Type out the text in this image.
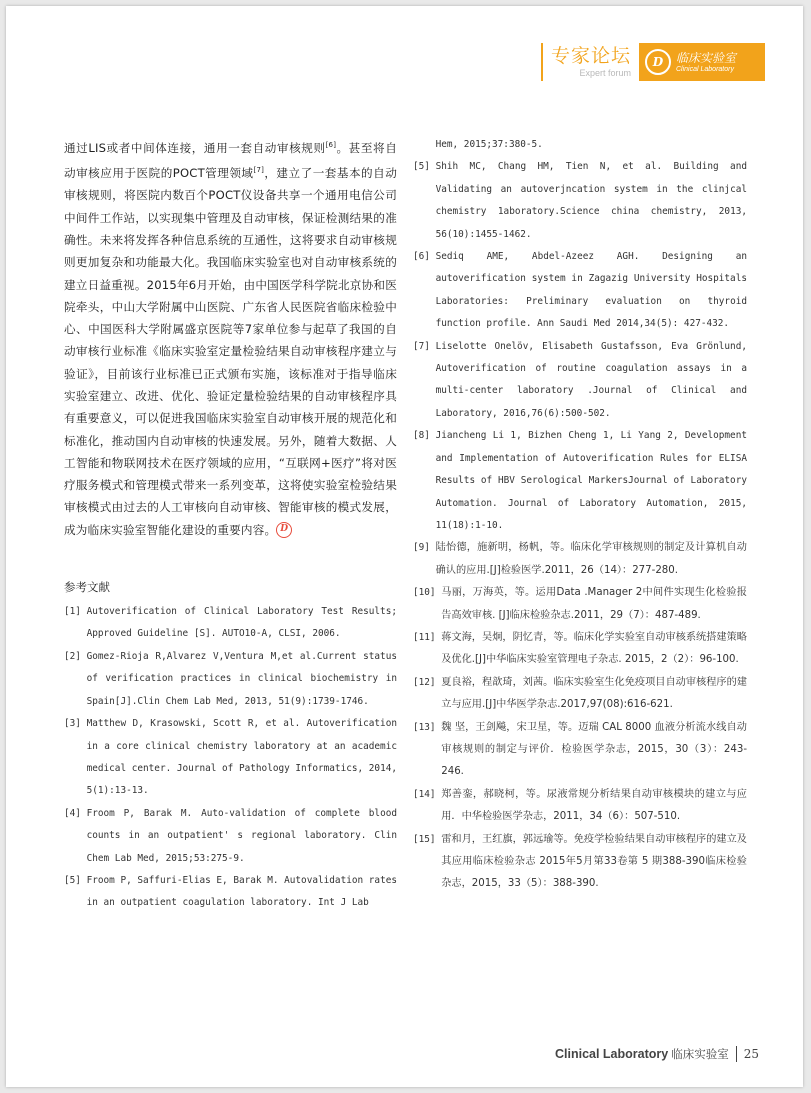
专家论坛
Expert forum
D	临床实验室
Clinical Laboratory

通过LIS或者中间体连接，通用一套自动审核规则[6]。甚至将自动审核应用于医院的POCT管理领域[7]，建立了一套基本的自动审核规则，将医院内数百个POCT仪设备共享一个通用电信公司中间件工作站，以实现集中管理及自动审核，保证检测结果的准确性。未来将发挥各种信息系统的互通性，这将要求自动审核规则更加复杂和功能最大化。我国临床实验室也对自动审核系统的建立日益重视。2015年6月开始，由中国医学科学院北京协和医院牵头，中山大学附属中山医院、广东省人民医院省临床检验中心、中国医科大学附属盛京医院等7家单位参与起草了我国的自动审核行业标准《临床实验室定量检验结果自动审核程序建立与验证》，目前该行业标准已正式颁布实施，该标准对于指导临床实验室建立、改进、优化、验证定量检验结果的自动审核程序具有重要意义，可以促进我国临床实验室自动审核开展的规范化和标准化，推动国内自动审核的快速发展。另外，随着大数据、人工智能和物联网技术在医疗领域的应用，“互联网+医疗”将对医疗服务模式和管理模式带来一系列变革，这将使实验室检验结果审核模式由过去的人工审核向自动审核、智能审核的模式发展，成为临床实验室智能化建设的重要内容。 D

参考文献
[1] Autoverification of Clinical Laboratory Test Results; Approved Guideline [S]. AUTO10-A, CLSI, 2006.
[2] Gomez-Rioja R,Alvarez V,Ventura M,et al.Current status of verification practices in clinical biochemistry in Spain[J].Clin Chem Lab Med, 2013, 51(9):1739-1746.
[3] Matthew D, Krasowski, Scott R, et al. Autoverification in a core clinical chemistry laboratory at an academic medical center. Journal of Pathology Informatics, 2014, 5(1):13-13.
[4] Froom P, Barak M. Auto-validation of complete blood counts in an outpatient' s regional laboratory. Clin Chem Lab Med, 2015;53:275-9.
[5] Froom P, Saffuri-Elias E, Barak M. Autovalidation rates in an outpatient coagulation laboratory. Int J Lab

Hem, 2015;37:380-5.
[5] Shih MC, Chang HM, Tien N, et al. Building and Validating an autoverjncation system in the clinjcal chemistry 1aboratory.Science china chemistry, 2013, 56(10):1455-1462.
[6] Sediq AME, Abdel-Azeez AGH. Designing an autoverification system in Zagazig University Hospitals Laboratories: Preliminary evaluation on thyroid function profile. Ann Saudi Med 2014,34(5): 427-432.
[7] Liselotte Onelöv, Elisabeth Gustafsson, Eva Grönlund, Autoverification of routine coagulation assays in a multi-center laboratory .Journal of Clinical and Laboratory, 2016,76(6):500-502.
[8] Jiancheng Li 1, Bizhen Cheng 1, Li Yang 2, Development and Implementation of Autoverification Rules for ELISA Results of HBV Serological MarkersJournal of Laboratory Automation. Journal of Laboratory Automation, 2015, 11(18):1-10.
[9] 陆怡德，施新明，杨帆，等。临床化学审核规则的制定及计算机自动确认的应用.[J]检验医学.2011，26（14）：277-280.
[10] 马丽，万海英，等。运用Data .Manager 2中间件实现生化检验报告高效审核. [J]临床检验杂志.2011，29（7）：487-489.
[11] 蒋文海，吴炯，阴忆青，等。临床化学实验室自动审核系统搭建策略及优化.[J]中华临床实验室管理电子杂志. 2015，2（2）：96-100.
[12] 夏良裕，程歆琦，刘茜。临床实验室生化免疫项目自动审核程序的建立与应用.[J]中华医学杂志.2017,97(08):616-621.
[13] 魏 坚，王剑飚，宋卫星，等。迈瑞 CAL 8000 血液分析流水线自动审核规则的制定与评价．检验医学杂志，2015，30（3）：243-246.
[14] 郑善銮，郝晓柯，等。尿液常规分析结果自动审核模块的建立与应用．中华检验医学杂志，2011，34（6）：507-510.
[15] 雷和月，王红旗，郭远瑜等。免疫学检验结果自动审核程序的建立及其应用临床检验杂志 2015年5月第33卷第 5 期388-390临床检验杂志，2015，33（5）：388-390.
Clinical Laboratory 临床实验室 25
